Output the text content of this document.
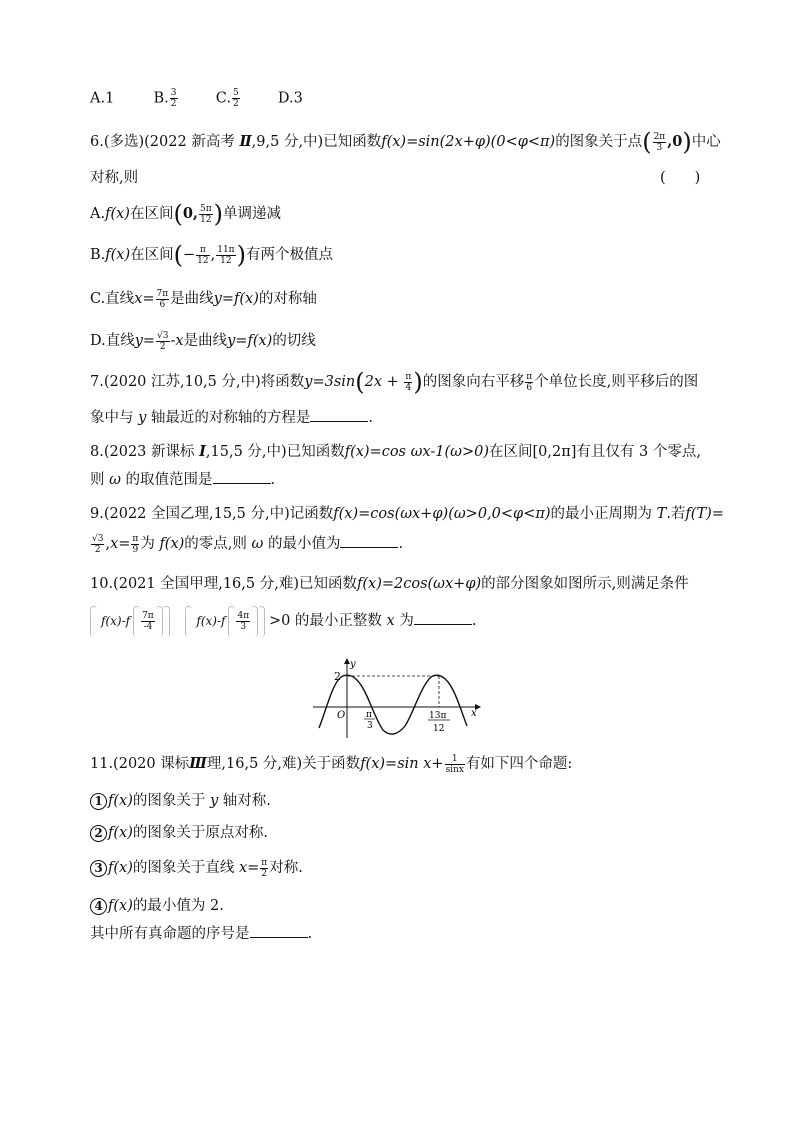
A.1	B. $\frac{3}{2}$	C. $\frac{5}{2}$	D.3
6.(多选)(2022 新高考 Ⅱ,9,5 分,中)已知函数f(x)=sin(2x+φ)(0<φ<π)的图象关于点( $\frac{2\pi}{3} ,0$)中心
对称,则	(　　)
A.f(x)在区间(0, $\frac{5\pi}{12}$ )单调递减
B.f(x)在区间(− $\frac{\pi}{12}$ , $\frac{11\pi}{12}$ )有两个极值点
C.直线$x= \frac{7\pi}{6}$ 是曲线y=f(x)的对称轴
D.直线$y= \frac{√3}{2} -x$是曲线y=f(x)的切线
7.(2020 江苏,10,5 分,中)将函数$y=3\sin(2x + \frac{\pi}{4}$ )的图象向右平移 $\frac{\pi}{6}$ 个单位长度,则平移后的图
象中与 y 轴最近的对称轴的方程是	.
8.(2023 新课标 Ⅰ,15,5 分,中)已知函数f(x)=cos ωx-1(ω>0)在区间[0,2π]有且仅有 3 个零点,
则 ω 的取值范围是	.
9.(2022 全国乙理,15,5 分,中)记函数f(x)=cos(ωx+φ)(ω>0,0<φ<π)的最小正周期为 T.若f(T)=
$\frac{√3}{2} ,x= \frac{\pi}{9}$ 为 f(x)的零点,则 ω 的最小值为	.
10.(2021 全国甲理,16,5 分,难)已知函数f(x)=2cos(ωx+φ)的部分图象如图所示,则满足条件
$f(x)-f \frac{7\pi}{-4}$	$f(x)-f \frac{4\pi}{3} >0$ 的最小正整数 x 为	.
y
x
2
O π
3
13π
12
11.(2020 课标Ⅲ理,16,5 分,难)关于函数f(x)=sin $x+ \frac{1}{\sin x}$ 有如下四个命题:
1 f(x)的图象关于 y 轴对称.
2 f(x)的图象关于原点对称.
3 f(x)的图象关于直线 $x= \frac{\pi}{2}$ 对称.
4 f(x)的最小值为 2.
其中所有真命题的序号是	.
